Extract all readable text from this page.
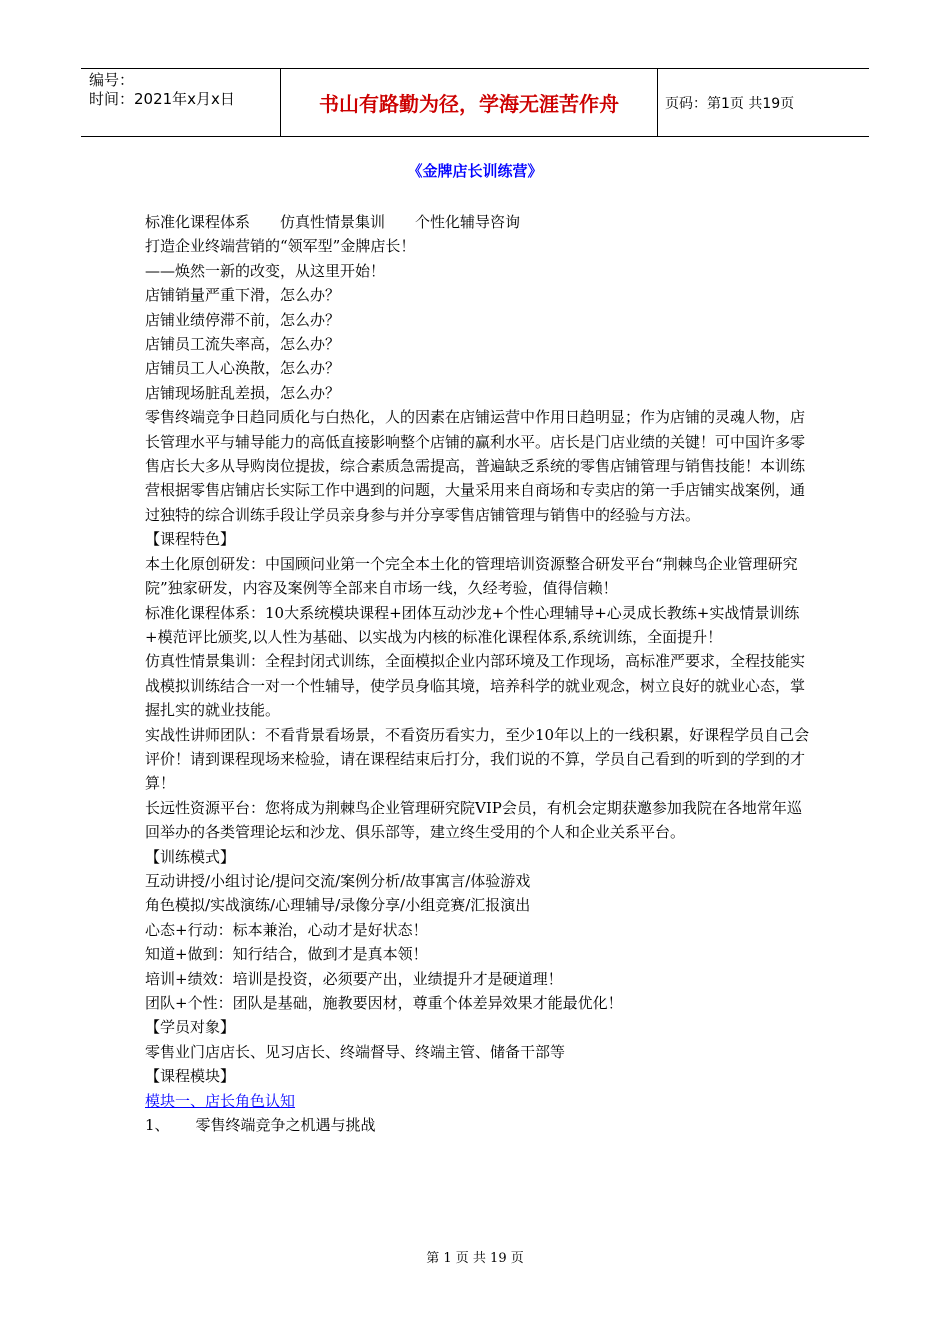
编号：
时间：2021年x月x日	书山有路勤为径，学海无涯苦作舟	页码：第1页 共19页
《金牌店长训练营》

标准化课程体系　　仿真性情景集训　　个性化辅导咨询

打造企业终端营销的“领军型”金牌店长！

——焕然一新的改变，从这里开始！

店铺销量严重下滑，怎么办？

店铺业绩停滞不前，怎么办？

店铺员工流失率高，怎么办？

店铺员工人心涣散，怎么办？

店铺现场脏乱差损，怎么办？

零售终端竞争日趋同质化与白热化，人的因素在店铺运营中作用日趋明显；作为店铺的灵魂人物，店长管理水平与辅导能力的高低直接影响整个店铺的赢利水平。店长是门店业绩的关键！可中国许多零售店长大多从导购岗位提拔，综合素质急需提高，普遍缺乏系统的零售店铺管理与销售技能！本训练营根据零售店铺店长实际工作中遇到的问题，大量采用来自商场和专卖店的第一手店铺实战案例，通过独特的综合训练手段让学员亲身参与并分享零售店铺管理与销售中的经验与方法。

【课程特色】

本土化原创研发：中国顾问业第一个完全本土化的管理培训资源整合研发平台“荆棘鸟企业管理研究院”独家研发，内容及案例等全部来自市场一线，久经考验，值得信赖！

标准化课程体系：10大系统模块课程+团体互动沙龙+个性心理辅导+心灵成长教练+实战情景训练+模范评比颁奖,以人性为基础、以实战为内核的标准化课程体系,系统训练，全面提升！

仿真性情景集训：全程封闭式训练，全面模拟企业内部环境及工作现场，高标准严要求，全程技能实战模拟训练结合一对一个性辅导，使学员身临其境，培养科学的就业观念，树立良好的就业心态，掌握扎实的就业技能。

实战性讲师团队：不看背景看场景，不看资历看实力，至少10年以上的一线积累，好课程学员自己会评价！请到课程现场来检验，请在课程结束后打分，我们说的不算，学员自己看到的听到的学到的才算！

长远性资源平台：您将成为荆棘鸟企业管理研究院VIP会员，有机会定期获邀参加我院在各地常年巡回举办的各类管理论坛和沙龙、俱乐部等，建立终生受用的个人和企业关系平台。

【训练模式】

互动讲授/小组讨论/提问交流/案例分析/故事寓言/体验游戏

角色模拟/实战演练/心理辅导/录像分享/小组竞赛/汇报演出

心态+行动：标本兼治，心动才是好状态！

知道+做到：知行结合，做到才是真本领！

培训+绩效：培训是投资，必须要产出，业绩提升才是硬道理！

团队+个性：团队是基础，施教要因材，尊重个体差异效果才能最优化！

【学员对象】

零售业门店店长、见习店长、终端督导、终端主管、储备干部等

【课程模块】

模块一、店长角色认知

1、 零售终端竞争之机遇与挑战

第 1 页 共 19 页
